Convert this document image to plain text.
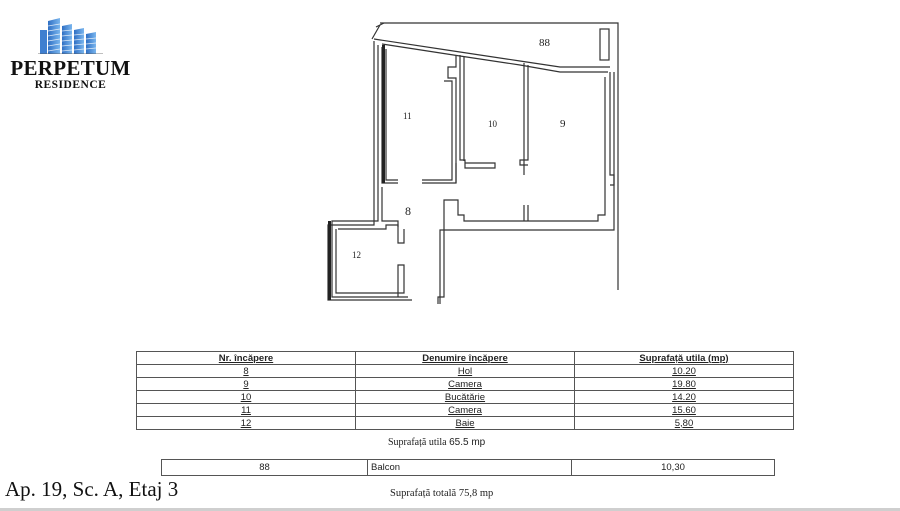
PERPETUM
RESIDENCE
88
11
10	9
8
12
Nr. încăpere	Denumire încăpere	Suprafață utila (mp)
8	Hol	10.20
9	Camera	19.80
10	Bucătărie	14.20
11	Camera	15.60
12	Baie	5,80
Suprafață utila 65.5 mp
88	Balcon	10,30
Ap. 19, Sc. A, Etaj 3	Suprafață totală 75,8 mp
